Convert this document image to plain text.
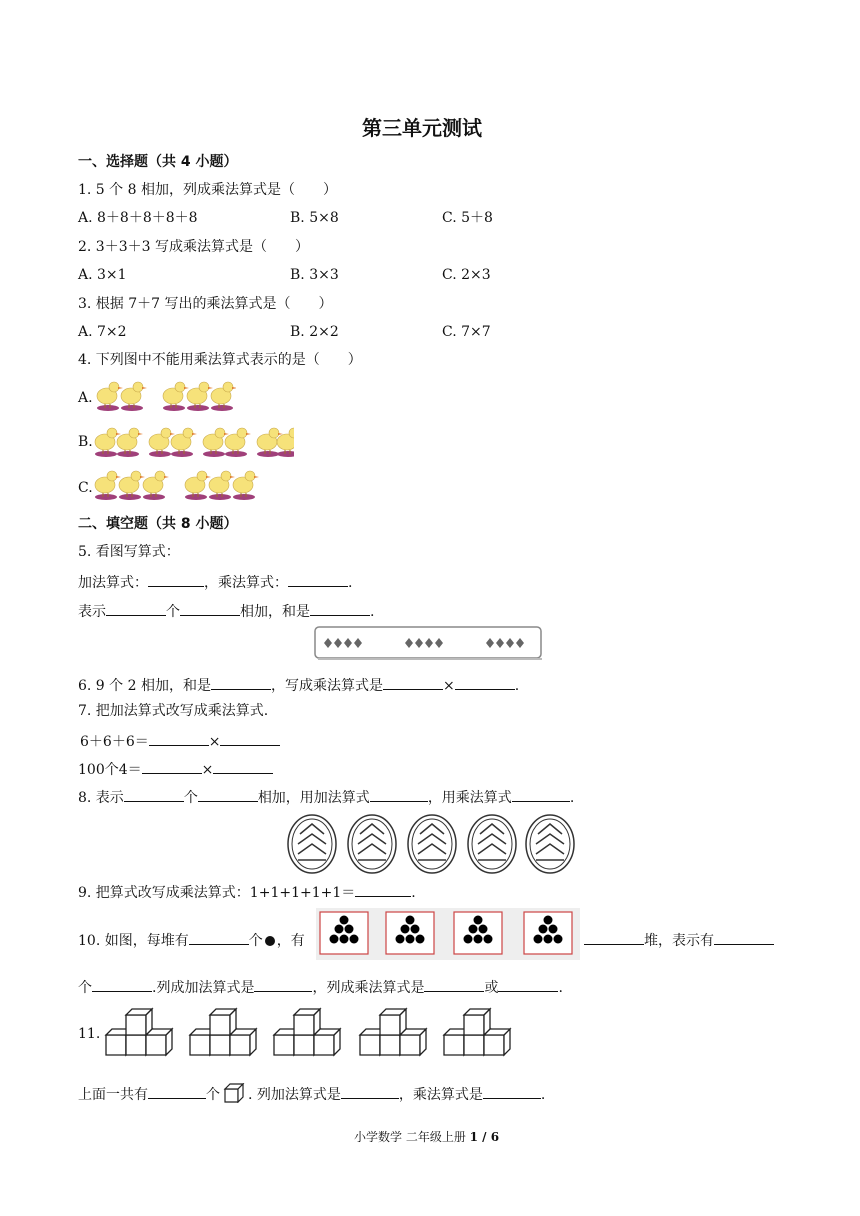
第三单元测试
一、选择题（共 4 小题）
1. 5 个 8 相加，列成乘法算式是（　　）
A. 8＋8＋8＋8＋8	B. 5×8	C. 5＋8
2. 3＋3＋3 写成乘法算式是（　　）
A. 3×1	B. 3×3	C. 2×3
3. 根据 7＋7 写出的乘法算式是（　　）
A. 7×2	B. 2×2	C. 7×7
4. 下列图中不能用乘法算式表示的是（　　）
A.
B.
C.
二、填空题（共 8 小题）
5. 看图写算式：
加法算式：	，乘法算式：	.
表示	个	相加，和是	.
6. 9 个 2 相加，和是	，写成乘法算式是	×	.
7. 把加法算式改写成乘法算式.
6＋6＋6＝	×
100个4＝	×
8. 表示	个	相加，用加法算式	，用乘法算式	.
9. 把算式改写成乘法算式：1+1+1+1+1＝	.
10. 如图，每堆有	个 ，有	堆，表示有
个	.列成加法算式是	，列成乘法算式是	或	.
11.
上面一共有	个 . 列加法算式是	，乘法算式是	.
小学数学 二年级上册 1 / 6
